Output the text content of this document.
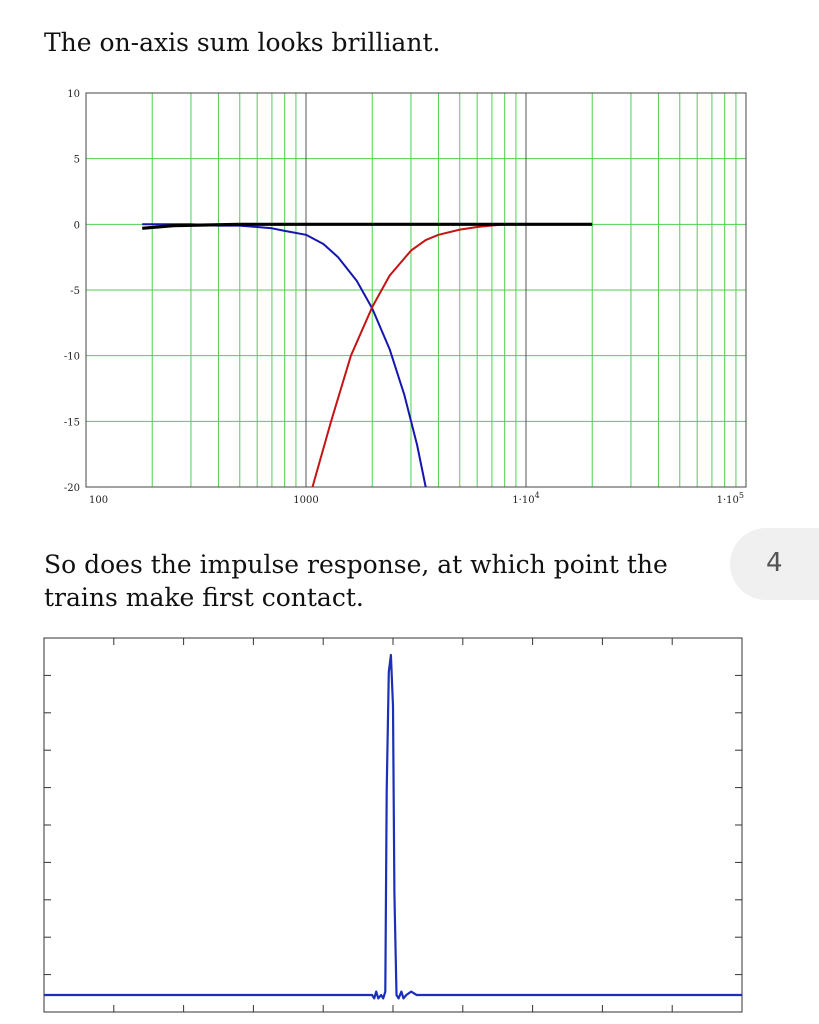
The on-axis sum looks brilliant.

10
5
0
-5
-10
-15
-20
100	1000	$1\cdot 10^4$	$1\cdot 10^5$

So does the impulse response, at which point the trains make first contact.

4
